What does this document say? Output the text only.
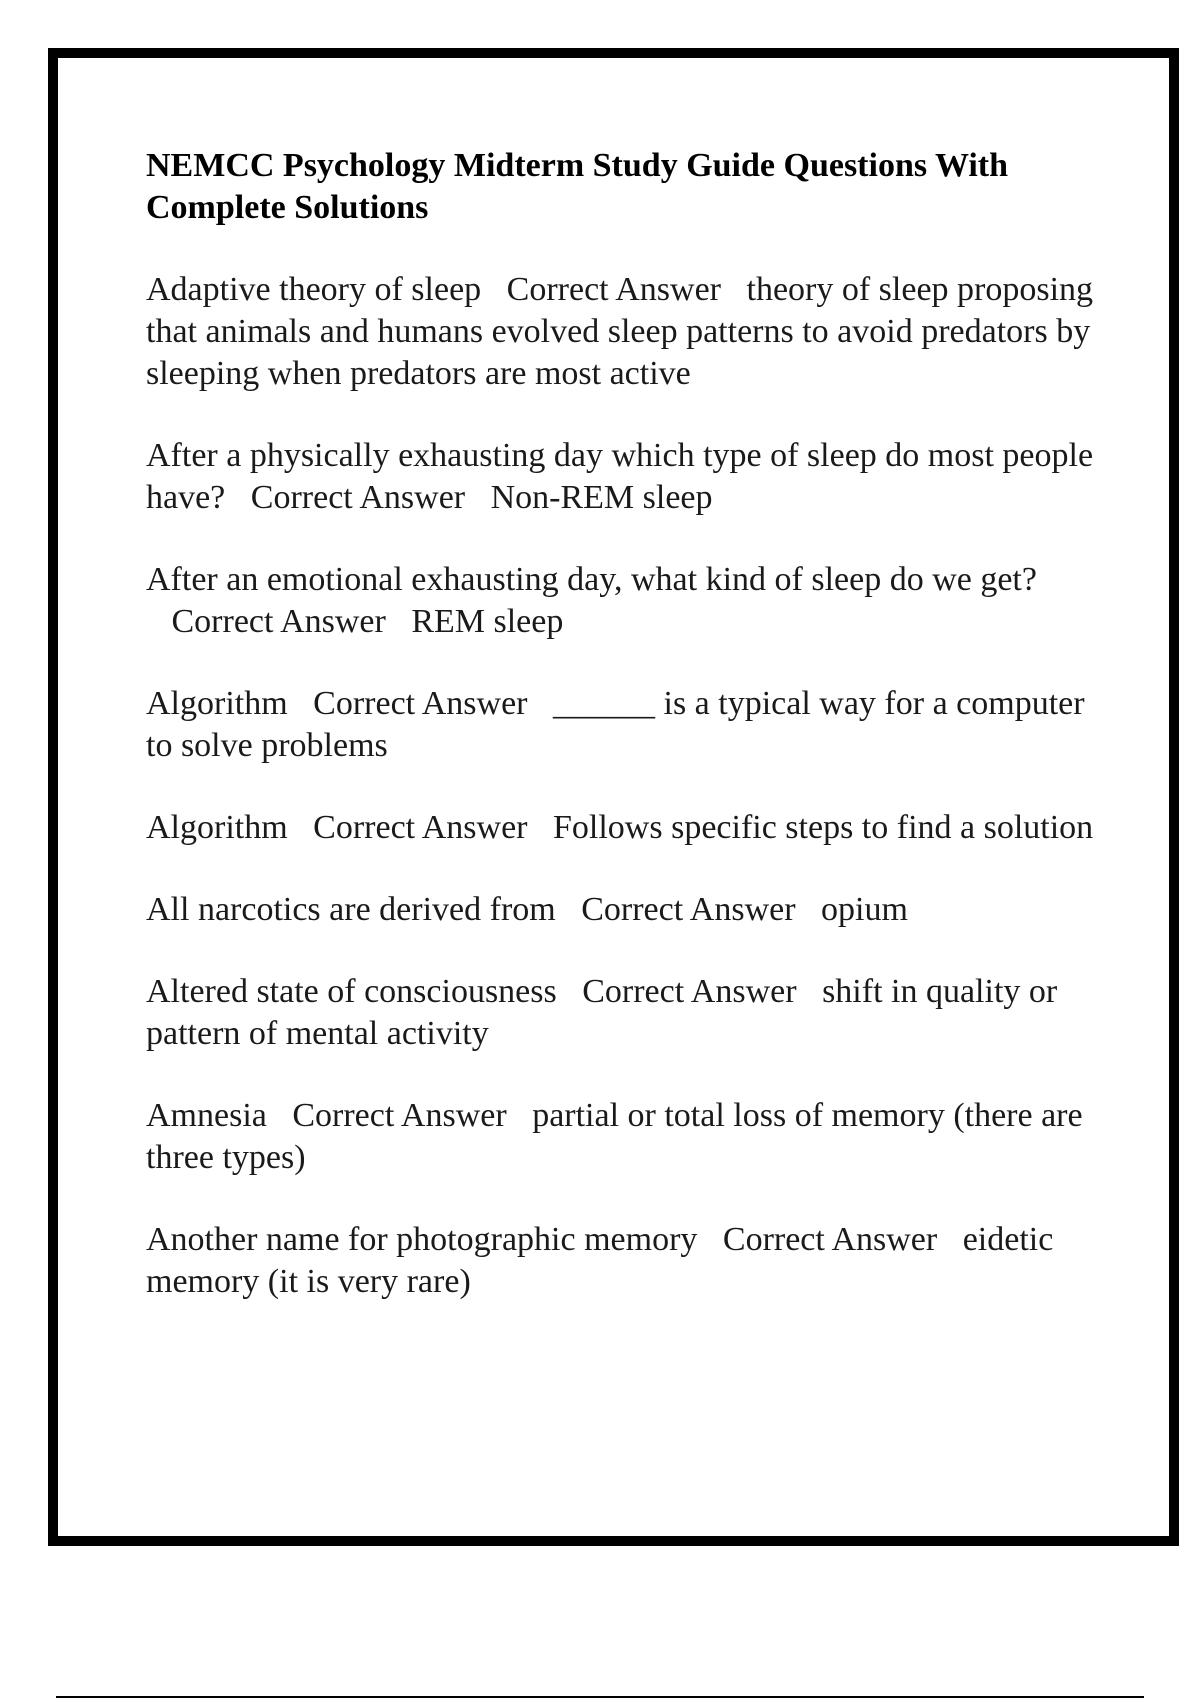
NEMCC Psychology Midterm Study Guide Questions With Complete Solutions
Adaptive theory of sleep Correct Answer theory of sleep proposing that animals and humans evolved sleep patterns to avoid predators by sleeping when predators are most active
After a physically exhausting day which type of sleep do most people have? Correct Answer Non-REM sleep
After an emotional exhausting day, what kind of sleep do we get?   Correct Answer REM sleep
Algorithm Correct Answer ______ is a typical way for a computer to solve problems
Algorithm Correct Answer Follows specific steps to find a solution
All narcotics are derived from Correct Answer opium
Altered state of consciousness Correct Answer shift in quality or pattern of mental activity
Amnesia Correct Answer partial or total loss of memory (there are three types)
Another name for photographic memory Correct Answer eidetic memory (it is very rare)
